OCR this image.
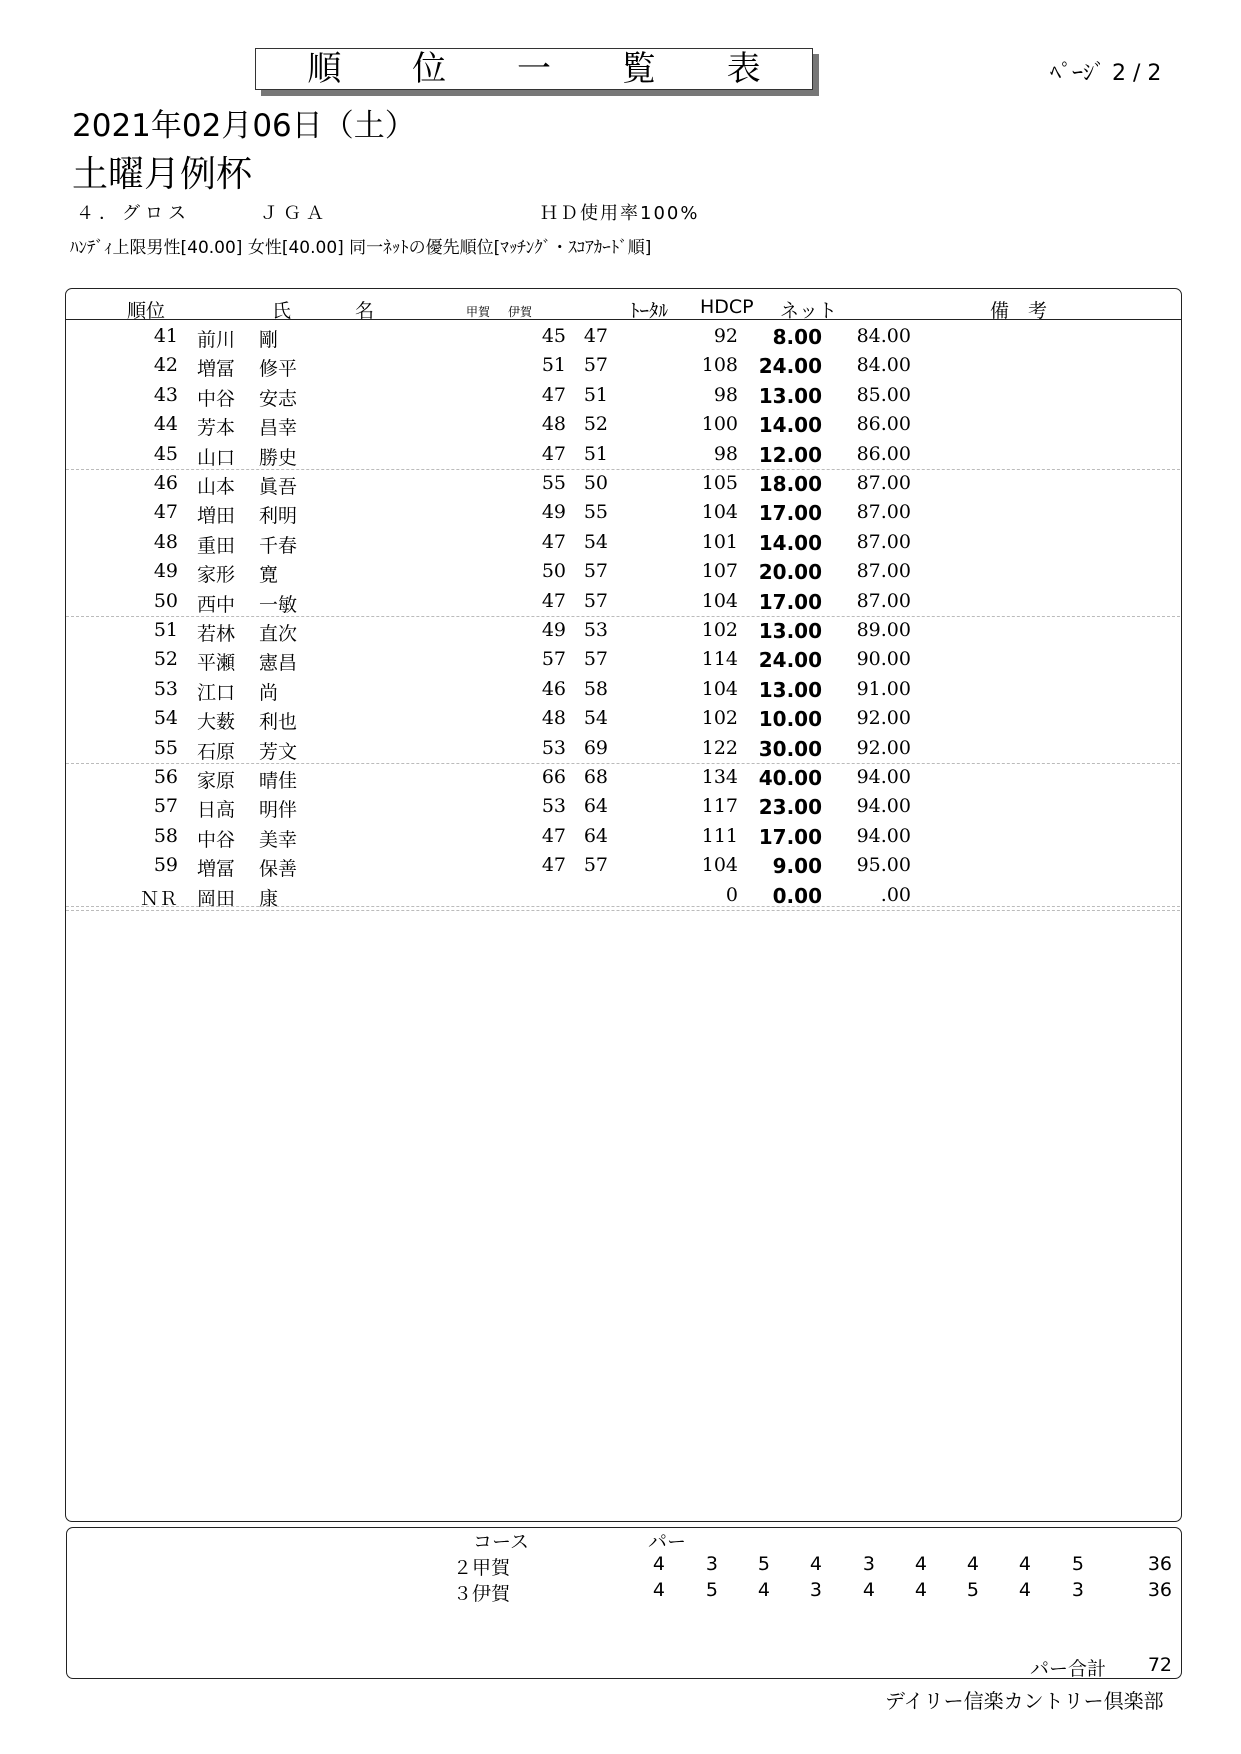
順 位 一 覧 表	ﾍﾟｰｼﾞ 2 / 2
2021年02月06日（土）
土曜月例杯
４．グロス　　　ＪＧＡ	ＨＤ使用率100%
ﾊﾝﾃﾞｨ上限男性[40.00] 女性[40.00] 同一ﾈｯﾄの優先順位[ﾏｯﾁﾝｸﾞ・ｽｺｱｶｰﾄﾞ順]
順位	氏	名	甲賀 伊賀	ﾄｰﾀﾙ HDCP ネット	備　考
41 前川 剛	45 47	92	8.00	84.00
42 増冨 修平	51 57	108	24.00	84.00
43 中谷 安志	47 51	98	13.00	85.00
44 芳本 昌幸	48 52	100	14.00	86.00
45 山口 勝史	47 51	98	12.00	86.00
46 山本 眞吾	55 50	105	18.00	87.00
47 増田 利明	49 55	104	17.00	87.00
48 重田 千春	47 54	101	14.00	87.00
49 家形 寛	50 57	107	20.00	87.00
50 西中 一敏	47 57	104	17.00	87.00
51 若林 直次	49 53	102	13.00	89.00
52 平瀬 憲昌	57 57	114	24.00	90.00
53 江口 尚	46 58	104	13.00	91.00
54 大薮 利也	48 54	102	10.00	92.00
55 石原 芳文	53 69	122	30.00	92.00
56 家原 晴佳	66 68	134	40.00	94.00
57 日高 明伴	53 64	117	23.00	94.00
58 中谷 美幸	47 64	111	17.00	94.00
59 増冨 保善	47 57	104	9.00	95.00
ＮＲ 岡田 康	0	0.00	.00
コース	パー
２甲賀	4	3	5	4	3	4	4	4	5	36
３伊賀	4	5	4	3	4	4	5	4	3	36
パー合計	72
デイリー信楽カントリー倶楽部
